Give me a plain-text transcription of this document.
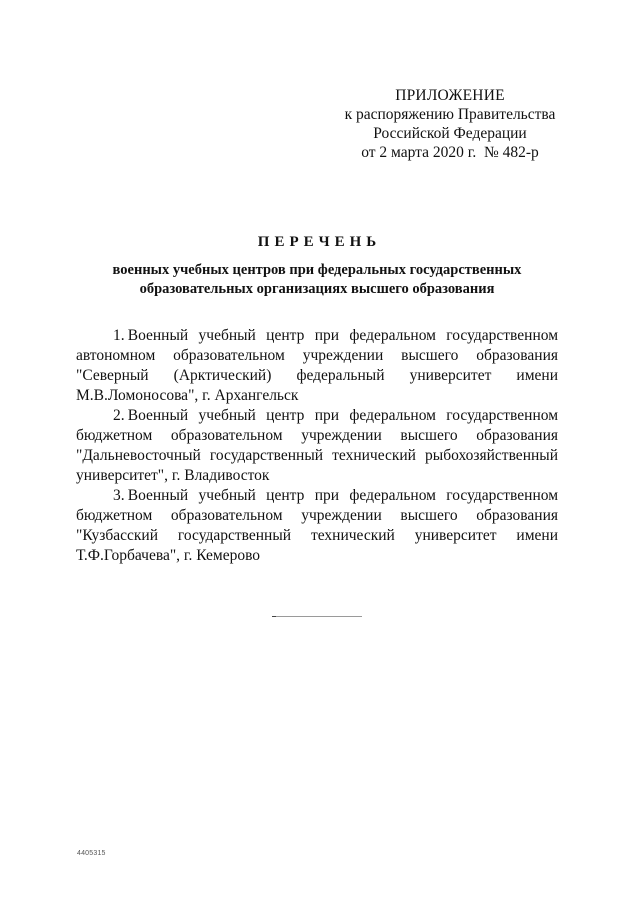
ПРИЛОЖЕНИЕ
к распоряжению Правительства
Российской Федерации
от 2 марта 2020 г.  № 482-р
ПЕРЕЧЕНЬ
военных учебных центров при федеральных государственных
образовательных организациях высшего образования

1.  Военный учебный центр при федеральном государственном автономном образовательном учреждении высшего образования "Северный (Арктический) федеральный университет имени М.В.Ломоносова", г. Архангельск

2.  Военный учебный центр при федеральном государственном бюджетном образовательном учреждении высшего образования "Дальневосточный государственный технический рыбохозяйственный университет", г. Владивосток

3.  Военный учебный центр при федеральном государственном бюджетном образовательном учреждении высшего образования "Кузбасский государственный технический университет имени Т.Ф.Горбачева", г. Кемерово

4405315
